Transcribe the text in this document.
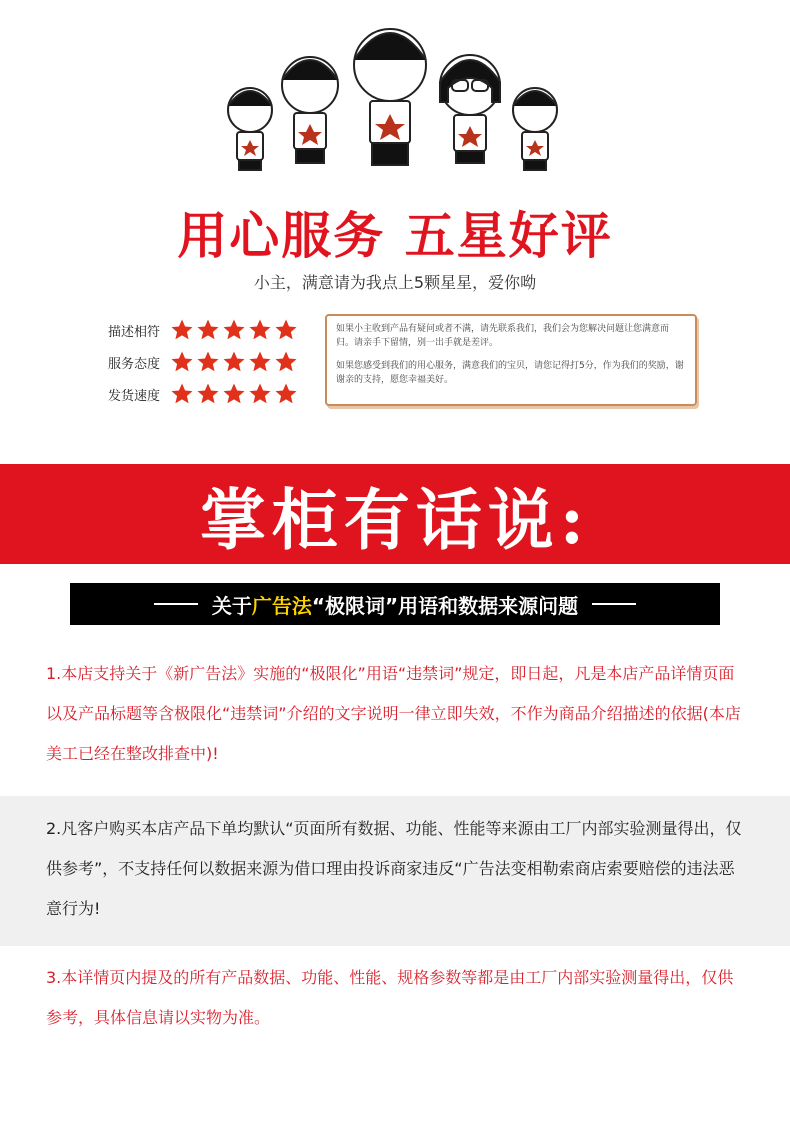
用心服务 五星好评
小主，满意请为我点上5颗星星，爱你呦
描述相符
服务态度
发货速度

如果小主收到产品有疑问或者不满，请先联系我们，我们会为您解决问题让您满意而归。请亲手下留情，别一出手就是差评。

如果您感受到我们的用心服务，满意我们的宝贝，请您记得打5分，作为我们的奖励，谢谢亲的支持，愿您幸福美好。

掌柜有话说:
关于广告法“极限词”用语和数据来源问题
1.本店支持关于《新广告法》实施的“极限化”用语“违禁词”规定，即日起，凡是本店产品详情页面以及产品标题等含极限化“违禁词”介绍的文字说明一律立即失效，不作为商品介绍描述的依据(本店美工已经在整改排查中)!
2.凡客户购买本店产品下单均默认“页面所有数据、功能、性能等来源由工厂内部实验测量得出，仅供参考”，不支持任何以数据来源为借口理由投诉商家违反“广告法变相勒索商店索要赔偿的违法恶意行为!
3.本详情页内提及的所有产品数据、功能、性能、规格参数等都是由工厂内部实验测量得出，仅供参考，具体信息请以实物为准。
